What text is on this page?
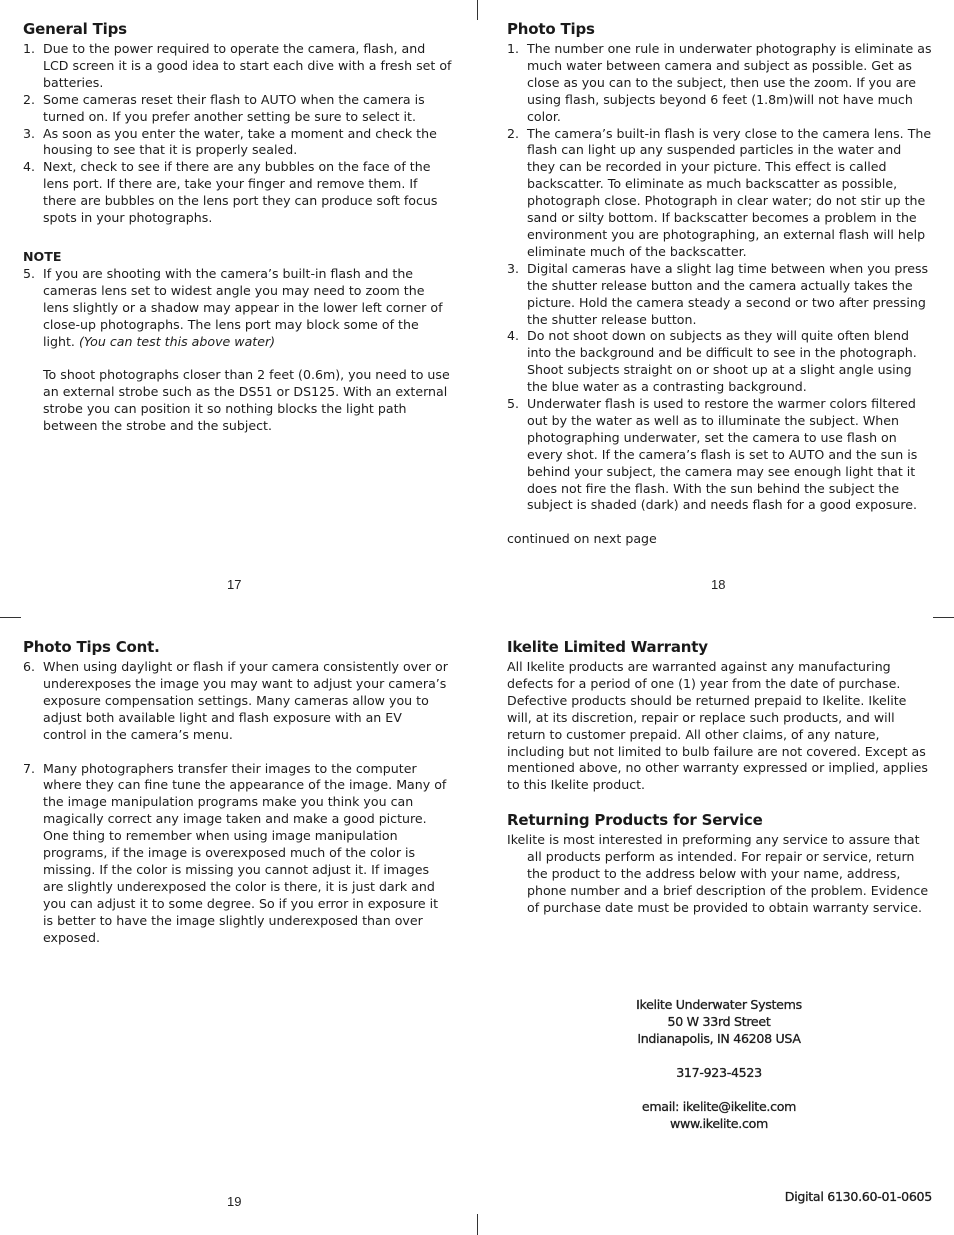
General Tips
1. Due to the power required to operate the camera, flash, and LCD screen it is a good idea to start each dive with a fresh set of batteries.
2. Some cameras reset their flash to AUTO when the camera is turned on. If you prefer another setting be sure to select it.
3. As soon as you enter the water, take a moment and check the housing to see that it is properly sealed.
4. Next, check to see if there are any bubbles on the face of the lens port. If there are, take your finger and remove them. If there are bubbles on the lens port they can produce soft focus spots in your photographs.
NOTE
5. If you are shooting with the camera’s built-in flash and the cameras lens set to widest angle you may need to zoom the lens slightly or a shadow may appear in the lower left corner of close-up photographs. The lens port may block some of the light. (You can test this above water)

To shoot photographs closer than 2 feet (0.6m), you need to use an external strobe such as the DS51 or DS125. With an external strobe you can position it so nothing blocks the light path between the strobe and the subject.

17
Photo Tips
1. The number one rule in underwater photography is eliminate as much water between camera and subject as possible. Get as close as you can to the subject, then use the zoom. If you are using flash, subjects beyond 6 feet (1.8m)will not have much color.
2. The camera’s built-in flash is very close to the camera lens. The flash can light up any suspended particles in the water and they can be recorded in your picture. This effect is called backscatter. To eliminate as much backscatter as possible, photograph close. Photograph in clear water; do not stir up the sand or silty bottom. If backscatter becomes a problem in the environment you are photographing, an external flash will help eliminate much of the backscatter.
3. Digital cameras have a slight lag time between when you press the shutter release button and the camera actually takes the picture. Hold the camera steady a second or two after pressing the shutter release button.
4. Do not shoot down on subjects as they will quite often blend into the background and be difficult to see in the photograph. Shoot subjects straight on or shoot up at a slight angle using the blue water as a contrasting background.
5. Underwater flash is used to restore the warmer colors filtered out by the water as well as to illuminate the subject. When photographing underwater, set the camera to use flash on every shot. If the camera’s flash is set to AUTO and the sun is behind your subject, the camera may see enough light that it does not fire the flash. With the sun behind the subject the subject is shaded (dark) and needs flash for a good exposure.

continued on next page

18
Photo Tips Cont.
6. When using daylight or flash if your camera consistently over or underexposes the image you may want to adjust your camera’s exposure compensation settings. Many cameras allow you to adjust both available light and flash exposure with an EV control in the camera’s menu.
7. Many photographers transfer their images to the computer where they can fine tune the appearance of the image. Many of the image manipulation programs make you think you can magically correct any image taken and make a good picture. One thing to remember when using image manipulation programs, if the image is overexposed much of the color is missing. If the color is missing you cannot adjust it. If images are slightly underexposed the color is there, it is just dark and you can adjust it to some degree. So if you error in exposure it is better to have the image slightly underexposed than over exposed.
19
Ikelite Limited Warranty

All Ikelite products are warranted against any manufacturing defects for a period of one (1) year from the date of purchase. Defective products should be returned prepaid to Ikelite. Ikelite will, at its discretion, repair or replace such products, and will return to customer prepaid. All other claims, of any nature, including but not limited to bulb failure are not covered. Except as mentioned above, no other warranty expressed or implied, applies to this Ikelite product.

Returning Products for Service

Ikelite is most interested in preforming any service to assure that all products perform as intended. For repair or service, return the product to the address below with your name, address, phone number and a brief description of the problem. Evidence of purchase date must be provided to obtain warranty service.

Ikelite Underwater Systems
50 W 33rd Street
Indianapolis, IN 46208 USA
317-923-4523
email: ikelite@ikelite.com
www.ikelite.com
Digital 6130.60-01-0605
